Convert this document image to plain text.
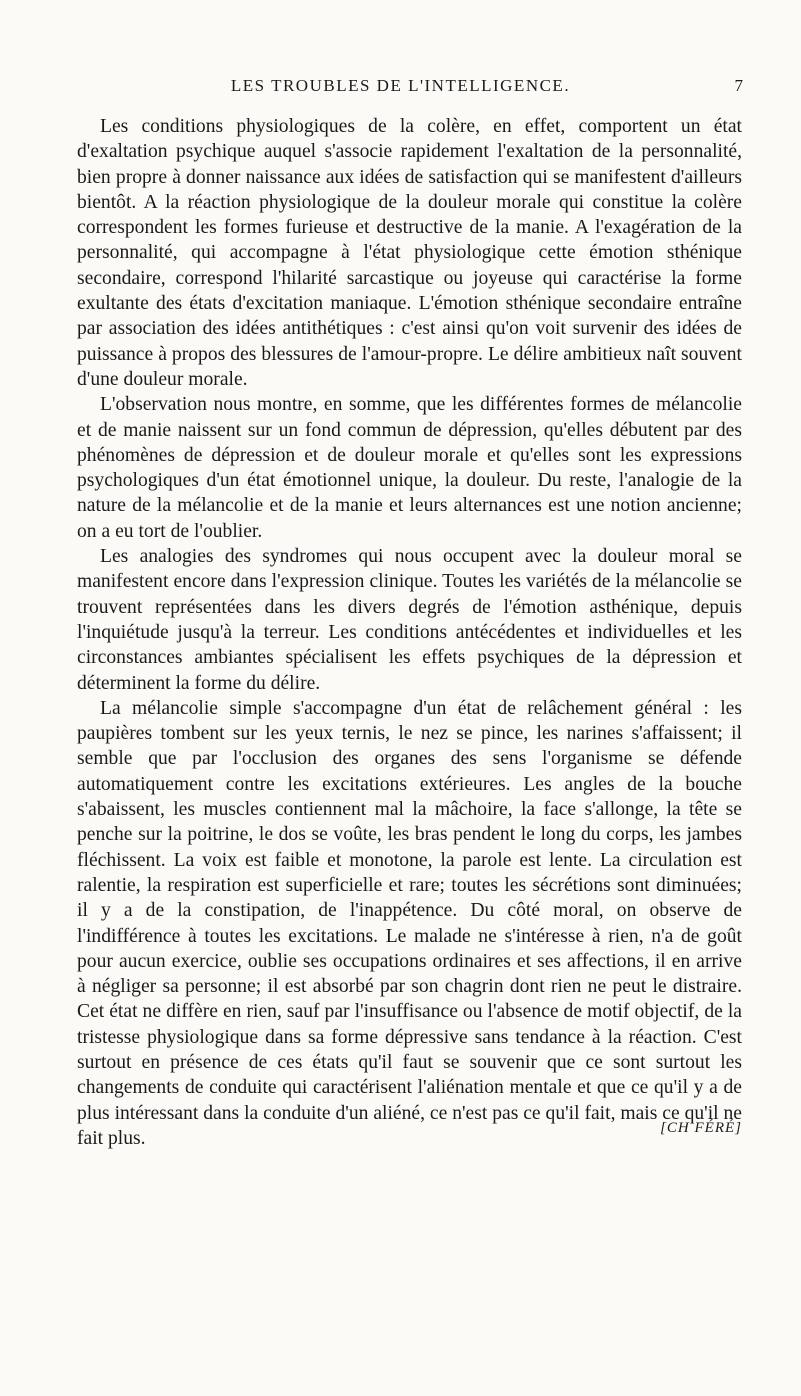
LES TROUBLES DE L'INTELLIGENCE.	7

Les conditions physiologiques de la colère, en effet, comportent un état d'exaltation psychique auquel s'associe rapidement l'exaltation de la personnalité, bien propre à donner naissance aux idées de satisfaction qui se manifestent d'ailleurs bientôt. A la réaction physiologique de la douleur morale qui constitue la colère correspondent les formes furieuse et destructive de la manie. A l'exagération de la personnalité, qui accompagne à l'état physiologique cette émotion sthénique secondaire, correspond l'hilarité sarcastique ou joyeuse qui caractérise la forme exultante des états d'excitation maniaque. L'émotion sthénique secondaire entraîne par association des idées antithétiques : c'est ainsi qu'on voit survenir des idées de puissance à propos des blessures de l'amour-propre. Le délire ambitieux naît souvent d'une douleur morale.

L'observation nous montre, en somme, que les différentes formes de mélancolie et de manie naissent sur un fond commun de dépression, qu'elles débutent par des phénomènes de dépression et de douleur morale et qu'elles sont les expressions psychologiques d'un état émotionnel unique, la douleur. Du reste, l'analogie de la nature de la mélancolie et de la manie et leurs alternances est une notion ancienne; on a eu tort de l'oublier.

Les analogies des syndromes qui nous occupent avec la douleur moral se manifestent encore dans l'expression clinique. Toutes les variétés de la mélancolie se trouvent représentées dans les divers degrés de l'émotion asthénique, depuis l'inquiétude jusqu'à la terreur. Les conditions antécédentes et individuelles et les circonstances ambiantes spécialisent les effets psychiques de la dépression et déterminent la forme du délire.

La mélancolie simple s'accompagne d'un état de relâchement général : les paupières tombent sur les yeux ternis, le nez se pince, les narines s'affaissent; il semble que par l'occlusion des organes des sens l'organisme se défende automatiquement contre les excitations extérieures. Les angles de la bouche s'abaissent, les muscles contiennent mal la mâchoire, la face s'allonge, la tête se penche sur la poitrine, le dos se voûte, les bras pendent le long du corps, les jambes fléchissent. La voix est faible et monotone, la parole est lente. La circulation est ralentie, la respiration est superficielle et rare; toutes les sécrétions sont diminuées; il y a de la constipation, de l'inappétence. Du côté moral, on observe de l'indifférence à toutes les excitations. Le malade ne s'intéresse à rien, n'a de goût pour aucun exercice, oublie ses occupations ordinaires et ses affections, il en arrive à négliger sa personne; il est absorbé par son chagrin dont rien ne peut le distraire. Cet état ne diffère en rien, sauf par l'insuffisance ou l'absence de motif objectif, de la tristesse physiologique dans sa forme dépressive sans tendance à la réaction. C'est surtout en présence de ces états qu'il faut se souvenir que ce sont surtout les changements de conduite qui caractérisent l'aliénation mentale et que ce qu'il y a de plus intéressant dans la conduite d'un aliéné, ce n'est pas ce qu'il fait, mais ce qu'il ne fait plus.	[CH FÉRÉ]
